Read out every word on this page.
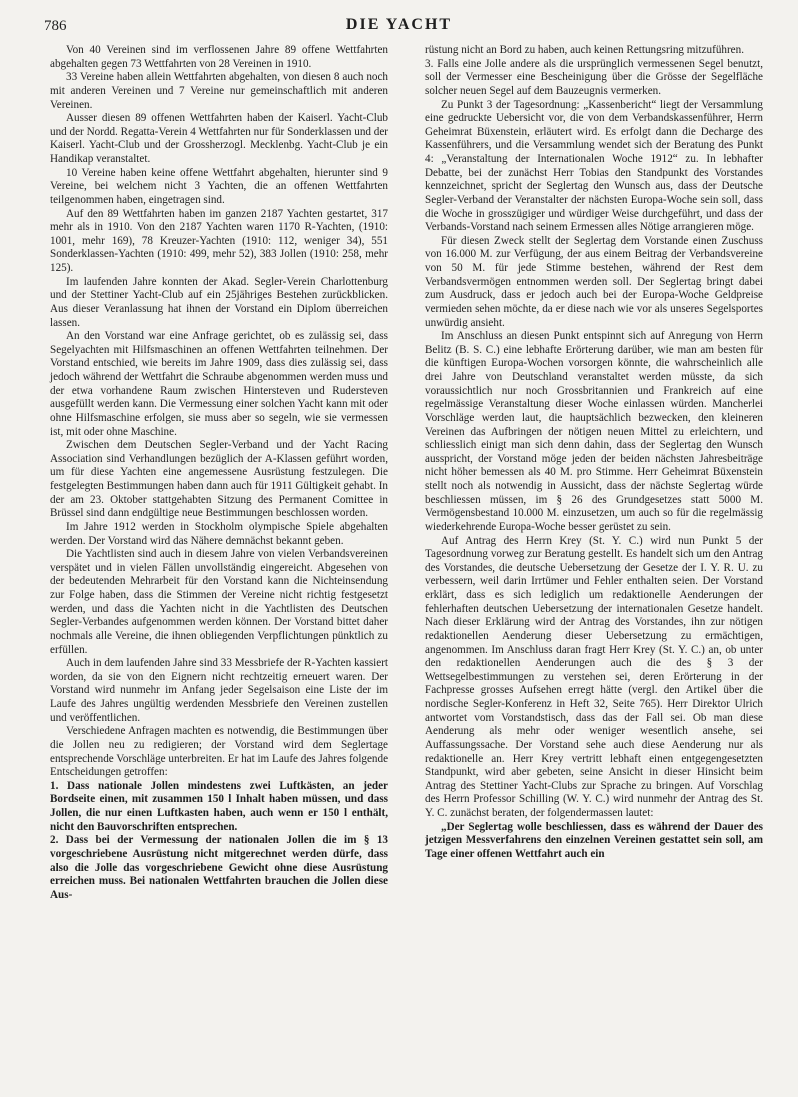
786	DIE YACHT

Von 40 Vereinen sind im verflossenen Jahre 89 offene Wettfahrten abgehalten gegen 73 Wettfahrten von 28 Vereinen in 1910.

33 Vereine haben allein Wettfahrten abgehalten, von diesen 8 auch noch mit anderen Vereinen und 7 Vereine nur gemeinschaftlich mit anderen Vereinen.

Ausser diesen 89 offenen Wettfahrten haben der Kaiserl. Yacht-Club und der Nordd. Regatta-Verein 4 Wettfahrten nur für Sonderklassen und der Kaiserl. Yacht-Club und der Grossherzogl. Mecklenbg. Yacht-Club je ein Handikap veranstaltet.

10 Vereine haben keine offene Wettfahrt abgehalten, hierunter sind 9 Vereine, bei welchem nicht 3 Yachten, die an offenen Wettfahrten teilgenommen haben, eingetragen sind.

Auf den 89 Wettfahrten haben im ganzen 2187 Yachten gestartet, 317 mehr als in 1910. Von den 2187 Yachten waren 1170 R-Yachten, (1910: 1001, mehr 169), 78 Kreuzer-Yachten (1910: 112, weniger 34), 551 Sonderklassen-Yachten (1910: 499, mehr 52), 383 Jollen (1910: 258, mehr 125).

Im laufenden Jahre konnten der Akad. Segler-Verein Charlottenburg und der Stettiner Yacht-Club auf ein 25jähriges Bestehen zurückblicken. Aus dieser Veranlassung hat ihnen der Vorstand ein Diplom überreichen lassen.

An den Vorstand war eine Anfrage gerichtet, ob es zulässig sei, dass Segelyachten mit Hilfsmaschinen an offenen Wettfahrten teilnehmen. Der Vorstand entschied, wie bereits im Jahre 1909, dass dies zulässig sei, dass jedoch während der Wettfahrt die Schraube abgenommen werden muss und der etwa vorhandene Raum zwischen Hintersteven und Rudersteven ausgefüllt werden kann. Die Vermessung einer solchen Yacht kann mit oder ohne Hilfsmaschine erfolgen, sie muss aber so segeln, wie sie vermessen ist, mit oder ohne Maschine.

Zwischen dem Deutschen Segler-Verband und der Yacht Racing Association sind Verhandlungen bezüglich der A-Klassen geführt worden, um für diese Yachten eine angemessene Ausrüstung festzulegen. Die festgelegten Bestimmungen haben dann auch für 1911 Gültigkeit gehabt. In der am 23. Oktober stattgehabten Sitzung des Permanent Comittee in Brüssel sind dann endgültige neue Bestimmungen beschlossen worden.

Im Jahre 1912 werden in Stockholm olympische Spiele abgehalten werden. Der Vorstand wird das Nähere demnächst bekannt geben.

Die Yachtlisten sind auch in diesem Jahre von vielen Verbandsvereinen verspätet und in vielen Fällen unvollständig eingereicht. Abgesehen von der bedeutenden Mehrarbeit für den Vorstand kann die Nichteinsendung zur Folge haben, dass die Stimmen der Vereine nicht richtig festgesetzt werden, und dass die Yachten nicht in die Yachtlisten des Deutschen Segler-Verbandes aufgenommen werden können. Der Vorstand bittet daher nochmals alle Vereine, die ihnen obliegenden Verpflichtungen pünktlich zu erfüllen.

Auch in dem laufenden Jahre sind 33 Messbriefe der R-Yachten kassiert worden, da sie von den Eignern nicht rechtzeitig erneuert waren. Der Vorstand wird nunmehr im Anfang jeder Segelsaison eine Liste der im Laufe des Jahres ungültig werdenden Messbriefe den Vereinen zustellen und veröffentlichen.

Verschiedene Anfragen machten es notwendig, die Bestimmungen über die Jollen neu zu redigieren; der Vorstand wird dem Seglertage entsprechende Vorschläge unterbreiten. Er hat im Laufe des Jahres folgende Entscheidungen getroffen:

1. Dass nationale Jollen mindestens zwei Luftkästen, an jeder Bordseite einen, mit zusammen 150 l Inhalt haben müssen, und dass Jollen, die nur einen Luftkasten haben, auch wenn er 150 l enthält, nicht den Bauvorschriften entsprechen.

2. Dass bei der Vermessung der nationalen Jollen die im § 13 vorgeschriebene Ausrüstung nicht mitgerechnet werden dürfe, dass also die Jolle das vorgeschriebene Gewicht ohne diese Ausrüstung erreichen muss. Bei nationalen Wettfahrten brauchen die Jollen diese Aus-

rüstung nicht an Bord zu haben, auch keinen Rettungsring mitzuführen.

3. Falls eine Jolle andere als die ursprünglich vermessenen Segel benutzt, soll der Vermesser eine Bescheinigung über die Grösse der Segelfläche solcher neuen Segel auf dem Bauzeugnis vermerken.

Zu Punkt 3 der Tagesordnung: „Kassenbericht“ liegt der Versammlung eine gedruckte Uebersicht vor, die von dem Verbandskassenführer, Herrn Geheimrat Büxenstein, erläutert wird. Es erfolgt dann die Decharge des Kassenführers, und die Versammlung wendet sich der Beratung des Punkt 4: „Veranstaltung der Internationalen Woche 1912“ zu. In lebhafter Debatte, bei der zunächst Herr Tobias den Standpunkt des Vorstandes kennzeichnet, spricht der Seglertag den Wunsch aus, dass der Deutsche Segler-Verband der Veranstalter der nächsten Europa-Woche sein soll, dass die Woche in grosszügiger und würdiger Weise durchgeführt, und dass der Verbands-Vorstand nach seinem Ermessen alles Nötige arrangieren möge.

Für diesen Zweck stellt der Seglertag dem Vorstande einen Zuschuss von 16.000 M. zur Verfügung, der aus einem Beitrag der Verbandsvereine von 50 M. für jede Stimme bestehen, während der Rest dem Verbandsvermögen entnommen werden soll. Der Seglertag bringt dabei zum Ausdruck, dass er jedoch auch bei der Europa-Woche Geldpreise vermieden sehen möchte, da er diese nach wie vor als unseres Segelsportes unwürdig ansieht.

Im Anschluss an diesen Punkt entspinnt sich auf Anregung von Herrn Belitz (B. S. C.) eine lebhafte Erörterung darüber, wie man am besten für die künftigen Europa-Wochen vorsorgen könnte, die wahrscheinlich alle drei Jahre von Deutschland veranstaltet werden müsste, da sich voraussichtlich nur noch Grossbritannien und Frankreich auf eine regelmässige Veranstaltung dieser Woche einlassen würden. Mancherlei Vorschläge werden laut, die hauptsächlich bezwecken, den kleineren Vereinen das Aufbringen der nötigen neuen Mittel zu erleichtern, und schliesslich einigt man sich denn dahin, dass der Seglertag den Wunsch ausspricht, der Vorstand möge jeden der beiden nächsten Jahresbeiträge nicht höher bemessen als 40 M. pro Stimme. Herr Geheimrat Büxenstein stellt noch als notwendig in Aussicht, dass der nächste Seglertag würde beschliessen müssen, im § 26 des Grundgesetzes statt 5000 M. Vermögensbestand 10.000 M. einzusetzen, um auch so für die regelmässig wiederkehrende Europa-Woche besser gerüstet zu sein.

Auf Antrag des Herrn Krey (St. Y. C.) wird nun Punkt 5 der Tagesordnung vorweg zur Beratung gestellt. Es handelt sich um den Antrag des Vorstandes, die deutsche Uebersetzung der Gesetze der I. Y. R. U. zu verbessern, weil darin Irrtümer und Fehler enthalten seien. Der Vorstand erklärt, dass es sich lediglich um redaktionelle Aenderungen der fehlerhaften deutschen Uebersetzung der internationalen Gesetze handelt. Nach dieser Erklärung wird der Antrag des Vorstandes, ihn zur nötigen redaktionellen Aenderung dieser Uebersetzung zu ermächtigen, angenommen. Im Anschluss daran fragt Herr Krey (St. Y. C.) an, ob unter den redaktionellen Aenderungen auch die des § 3 der Wettsegelbestimmungen zu verstehen sei, deren Erörterung in der Fachpresse grosses Aufsehen erregt hätte (vergl. den Artikel über die nordische Segler-Konferenz in Heft 32, Seite 765). Herr Direktor Ulrich antwortet vom Vorstandstisch, dass das der Fall sei. Ob man diese Aenderung als mehr oder weniger wesentlich ansehe, sei Auffassungssache. Der Vorstand sehe auch diese Aenderung nur als redaktionelle an. Herr Krey vertritt lebhaft einen entgegengesetzten Standpunkt, wird aber gebeten, seine Ansicht in dieser Hinsicht beim Antrag des Stettiner Yacht-Clubs zur Sprache zu bringen. Auf Vorschlag des Herrn Professor Schilling (W. Y. C.) wird nunmehr der Antrag des St. Y. C. zunächst beraten, der folgendermassen lautet:

„Der Seglertag wolle beschliessen, dass es während der Dauer des jetzigen Messverfahrens den einzelnen Vereinen gestattet sein soll, am Tage einer offenen Wettfahrt auch ein
